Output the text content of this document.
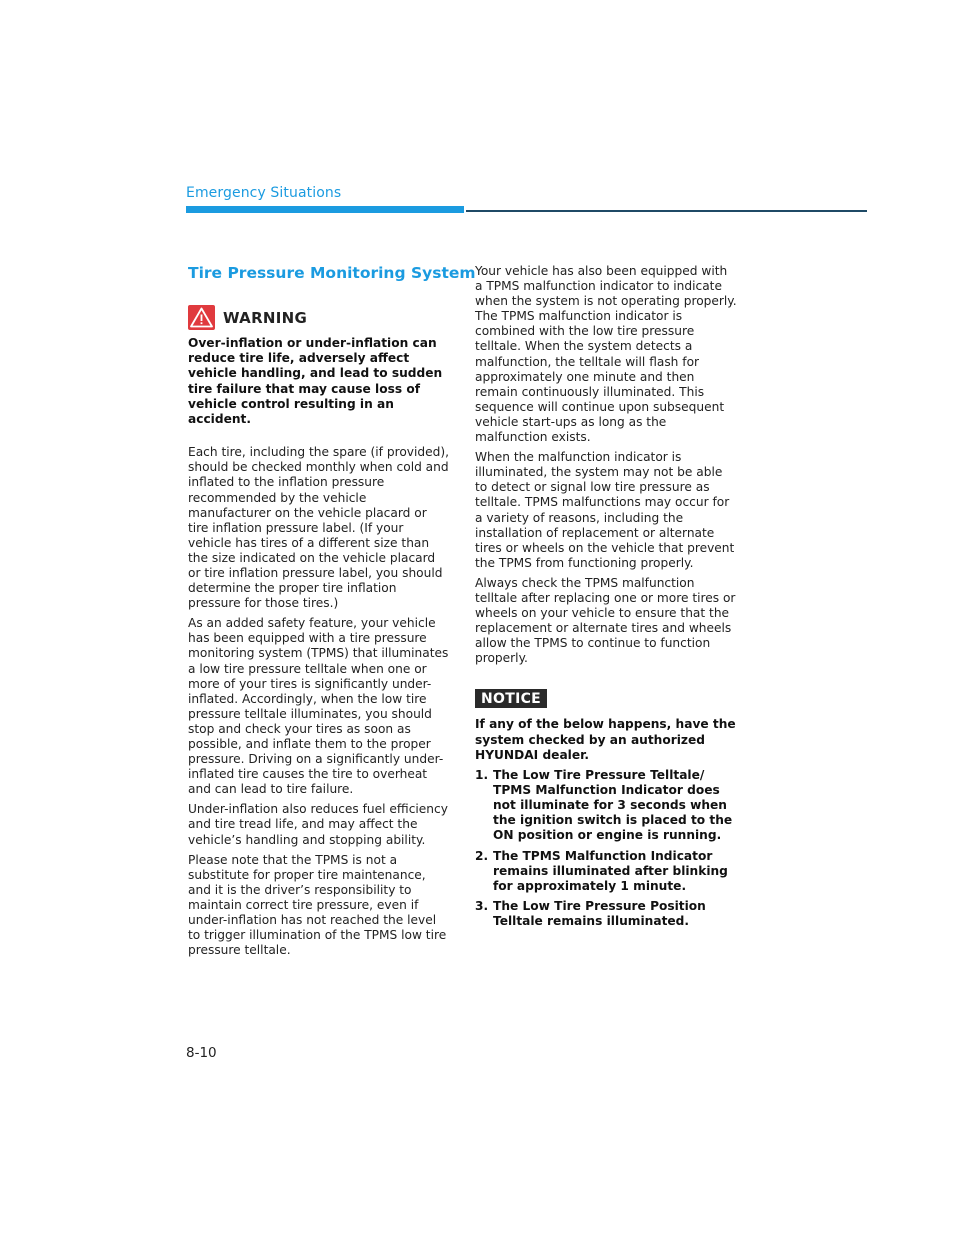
Emergency Situations
Tire Pressure Monitoring System
WARNING

Over-inflation or under-inflation can reduce tire life, adversely affect vehicle handling, and lead to sudden tire failure that may cause loss of vehicle control resulting in an accident.

Each tire, including the spare (if provided), should be checked monthly when cold and inflated to the inflation pressure recommended by the vehicle manufacturer on the vehicle placard or tire inflation pressure label. (If your vehicle has tires of a different size than the size indicated on the vehicle placard or tire inflation pressure label, you should determine the proper tire inflation pressure for those tires.)

As an added safety feature, your vehicle has been equipped with a tire pressure monitoring system (TPMS) that illuminates a low tire pressure telltale when one or more of your tires is significantly under-inflated. Accordingly, when the low tire pressure telltale illuminates, you should stop and check your tires as soon as possible, and inflate them to the proper pressure. Driving on a significantly under-inflated tire causes the tire to overheat and can lead to tire failure.

Under-inflation also reduces fuel efficiency and tire tread life, and may affect the vehicle’s handling and stopping ability.

Please note that the TPMS is not a substitute for proper tire maintenance, and it is the driver’s responsibility to maintain correct tire pressure, even if under-inflation has not reached the level to trigger illumination of the TPMS low tire pressure telltale.

Your vehicle has also been equipped with a TPMS malfunction indicator to indicate when the system is not operating properly. The TPMS malfunction indicator is combined with the low tire pressure telltale. When the system detects a malfunction, the telltale will flash for approximately one minute and then remain continuously illuminated. This sequence will continue upon subsequent vehicle start-ups as long as the malfunction exists.

When the malfunction indicator is illuminated, the system may not be able to detect or signal low tire pressure as telltale. TPMS malfunctions may occur for a variety of reasons, including the installation of replacement or alternate tires or wheels on the vehicle that prevent the TPMS from functioning properly.

Always check the TPMS malfunction telltale after replacing one or more tires or wheels on your vehicle to ensure that the replacement or alternate tires and wheels allow the TPMS to continue to function properly.

NOTICE

If any of the below happens, have the system checked by an authorized HYUNDAI dealer.

1. The Low Tire Pressure Telltale/ TPMS Malfunction Indicator does not illuminate for 3 seconds when the ignition switch is placed to the ON position or engine is running.
2. The TPMS Malfunction Indicator remains illuminated after blinking for approximately 1 minute.
3. The Low Tire Pressure Position Telltale remains illuminated.
8-10
